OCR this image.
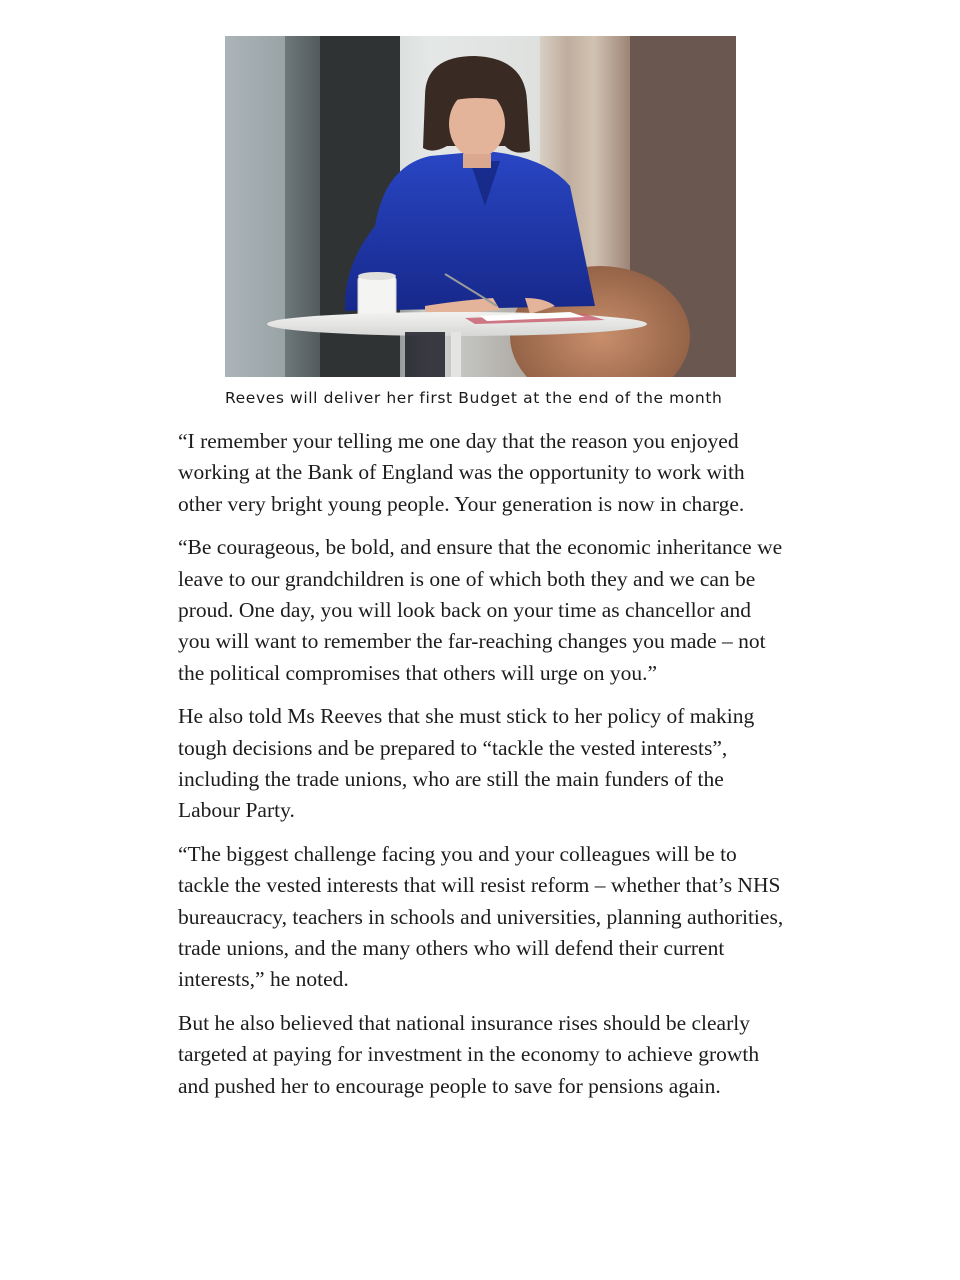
Reeves will deliver her first Budget at the end of the month

“I remember your telling me one day that the reason you enjoyed working at the Bank of England was the opportunity to work with other very bright young people. Your generation is now in charge.

“Be courageous, be bold, and ensure that the economic inheritance we leave to our grandchildren is one of which both they and we can be proud. One day, you will look back on your time as chancellor and you will want to remember the far-reaching changes you made – not the political compromises that others will urge on you.”

He also told Ms Reeves that she must stick to her policy of making tough decisions and be prepared to “tackle the vested interests”, including the trade unions, who are still the main funders of the Labour Party.

“The biggest challenge facing you and your colleagues will be to tackle the vested interests that will resist reform – whether that’s NHS bureaucracy, teachers in schools and universities, planning authorities, trade unions, and the many others who will defend their current interests,” he noted.

But he also believed that national insurance rises should be clearly targeted at paying for investment in the economy to achieve growth and pushed her to encourage people to save for pensions again.
